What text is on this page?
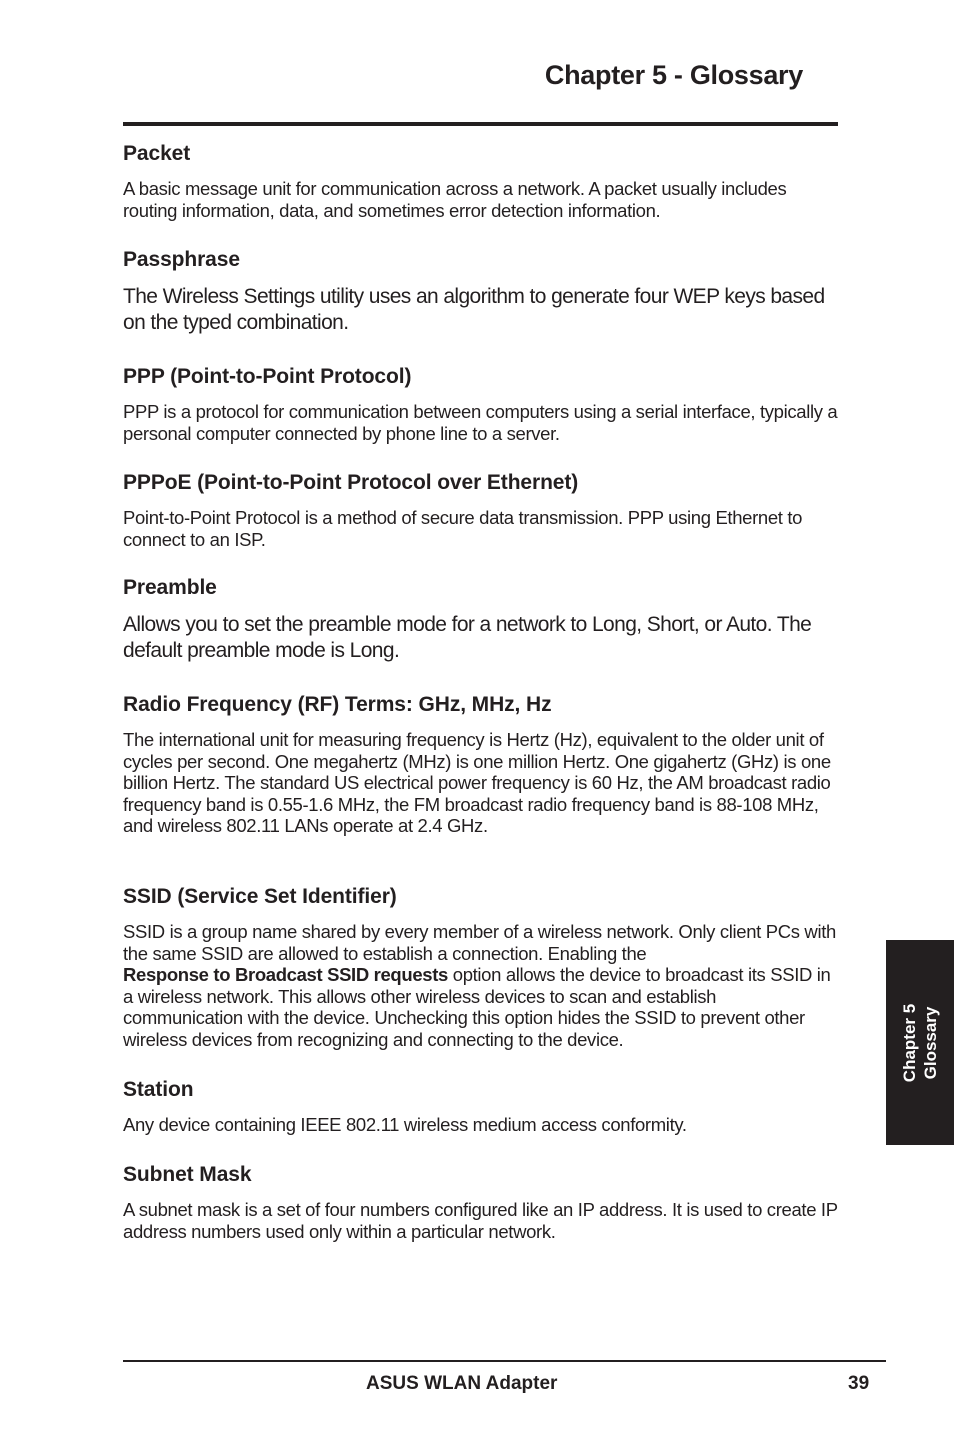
Chapter 5 - Glossary
Packet

A basic message unit for communication across a network. A packet usually includes routing information, data, and sometimes error detection information.

Passphrase

The Wireless Settings utility uses an algorithm to generate four WEP keys based on the typed combination.

PPP (Point-to-Point Protocol)

PPP is a protocol for communication between computers using a serial interface, typically a personal computer connected by phone line to a server.

PPPoE (Point-to-Point Protocol over Ethernet)

Point-to-Point Protocol is a method of secure data transmission. PPP using Ethernet to connect to an ISP.

Preamble

Allows you to set the preamble mode for a network to Long, Short, or Auto. The default preamble mode is Long.

Radio Frequency (RF) Terms: GHz, MHz, Hz

The international unit for measuring frequency is Hertz (Hz), equivalent to the older unit of cycles per second. One megahertz (MHz) is one million Hertz. One gigahertz (GHz) is one billion Hertz. The standard US electrical power frequency is 60 Hz, the AM broadcast radio frequency band is 0.55-1.6 MHz, the FM broadcast radio frequency band is 88-108 MHz, and wireless 802.11 LANs operate at 2.4 GHz.

SSID (Service Set Identifier)

SSID is a group name shared by every member of a wireless network. Only client PCs with the same SSID are allowed to establish a connection. Enabling the
Response to Broadcast SSID requests option allows the device to broadcast its SSID in a wireless network. This allows other wireless devices to scan and establish communication with the device. Unchecking this option hides the SSID to prevent other wireless devices from recognizing and connecting to the device.

Station

Any device containing IEEE 802.11 wireless medium access conformity.

Subnet Mask

A subnet mask is a set of four numbers configured like an IP address. It is used to create IP address numbers used only within a particular network.

Chapter 5 Glossary
ASUS WLAN Adapter	39
